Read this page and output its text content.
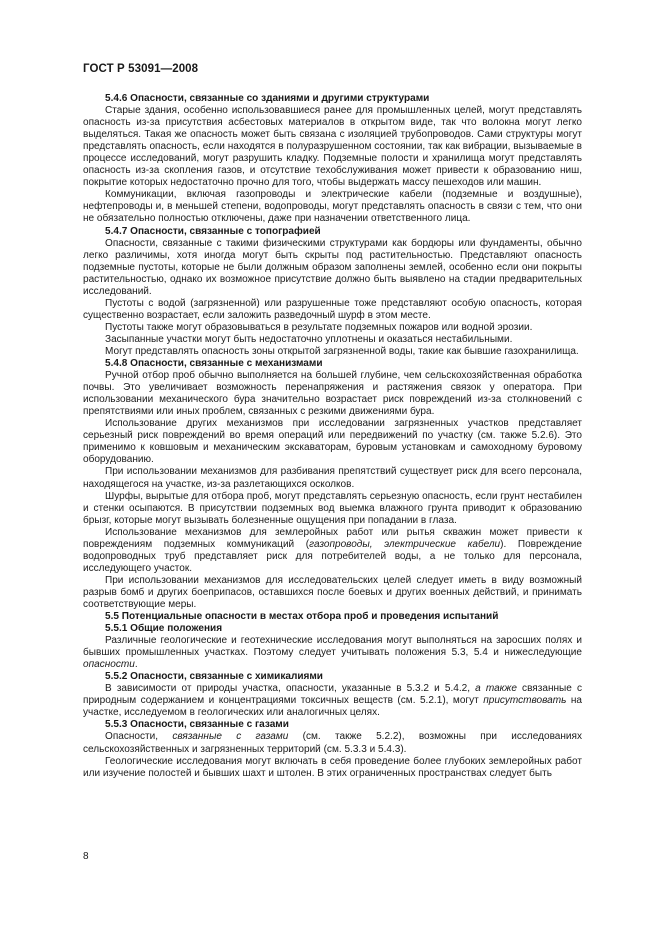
ГОСТ Р 53091—2008
5.4.6 Опасности, связанные со зданиями и другими структурами

Старые здания, особенно использовавшиеся ранее для промышленных целей, могут представлять опасность из-за присутствия асбестовых материалов в открытом виде, так что волокна могут легко выделяться. Такая же опасность может быть связана с изоляцией трубопроводов. Сами структуры могут представлять опасность, если находятся в полуразрушенном состоянии, так как вибрации, вызываемые в процессе исследований, могут разрушить кладку. Подземные полости и хранилища могут представлять опасность из-за скопления газов, и отсутствие техобслуживания может привести к образованию ниш, покрытие которых недостаточно прочно для того, чтобы выдержать массу пешеходов или машин.

Коммуникации, включая газопроводы и электрические кабели (подземные и воздушные), нефтепроводы и, в меньшей степени, водопроводы, могут представлять опасность в связи с тем, что они не обязательно полностью отключены, даже при назначении ответственного лица.

5.4.7 Опасности, связанные с топографией

Опасности, связанные с такими физическими структурами как бордюры или фундаменты, обычно легко различимы, хотя иногда могут быть скрыты под растительностью. Представляют опасность подземные пустоты, которые не были должным образом заполнены землей, особенно если они покрыты растительностью, однако их возможное присутствие должно быть выявлено на стадии предварительных исследований.

Пустоты с водой (загрязненной) или разрушенные тоже представляют особую опасность, которая существенно возрастает, если заложить разведочный шурф в этом месте.

Пустоты также могут образовываться в результате подземных пожаров или водной эрозии.

Засыпанные участки могут быть недостаточно уплотнены и оказаться нестабильными.

Могут представлять опасность зоны открытой загрязненной воды, такие как бывшие газохранилища.

5.4.8 Опасности, связанные с механизмами

Ручной отбор проб обычно выполняется на большей глубине, чем сельскохозяйственная обработка почвы. Это увеличивает возможность перенапряжения и растяжения связок у оператора. При использовании механического бура значительно возрастает риск повреждений из-за столкновений с препятствиями или иных проблем, связанных с резкими движениями бура.

Использование других механизмов при исследовании загрязненных участков представляет серьезный риск повреждений во время операций или передвижений по участку (см. также 5.2.6). Это применимо к ковшовым и механическим экскаваторам, буровым установкам и самоходному буровому оборудованию.

При использовании механизмов для разбивания препятствий существует риск для всего персонала, находящегося на участке, из-за разлетающихся осколков.

Шурфы, вырытые для отбора проб, могут представлять серьезную опасность, если грунт нестабилен и стенки осыпаются. В присутствии подземных вод выемка влажного грунта приводит к образованию брызг, которые могут вызывать болезненные ощущения при попадании в глаза.

Использование механизмов для землеройных работ или рытья скважин может привести к повреждениям подземных коммуникаций (газопроводы, электрические кабели). Повреждение водопроводных труб представляет риск для потребителей воды, а не только для персонала, исследующего участок.

При использовании механизмов для исследовательских целей следует иметь в виду возможный разрыв бомб и других боеприпасов, оставшихся после боевых и других военных действий, и принимать соответствующие меры.

5.5 Потенциальные опасности в местах отбора проб и проведения испытаний
5.5.1 Общие положения

Различные геологические и геотехнические исследования могут выполняться на заросших полях и бывших промышленных участках. Поэтому следует учитывать положения 5.3, 5.4 и нижеследующие опасности.

5.5.2 Опасности, связанные с химикалиями

В зависимости от природы участка, опасности, указанные в 5.3.2 и 5.4.2, а также связанные с природным содержанием и концентрациями токсичных веществ (см. 5.2.1), могут присутствовать на участке, исследуемом в геологических или аналогичных целях.

5.5.3 Опасности, связанные с газами

Опасности, связанные с газами (см. также 5.2.2), возможны при исследованиях сельскохозяйственных и загрязненных территорий (см. 5.3.3 и 5.4.3).

Геологические исследования могут включать в себя проведение более глубоких землеройных работ или изучение полостей и бывших шахт и штолен. В этих ограниченных пространствах следует быть

8
